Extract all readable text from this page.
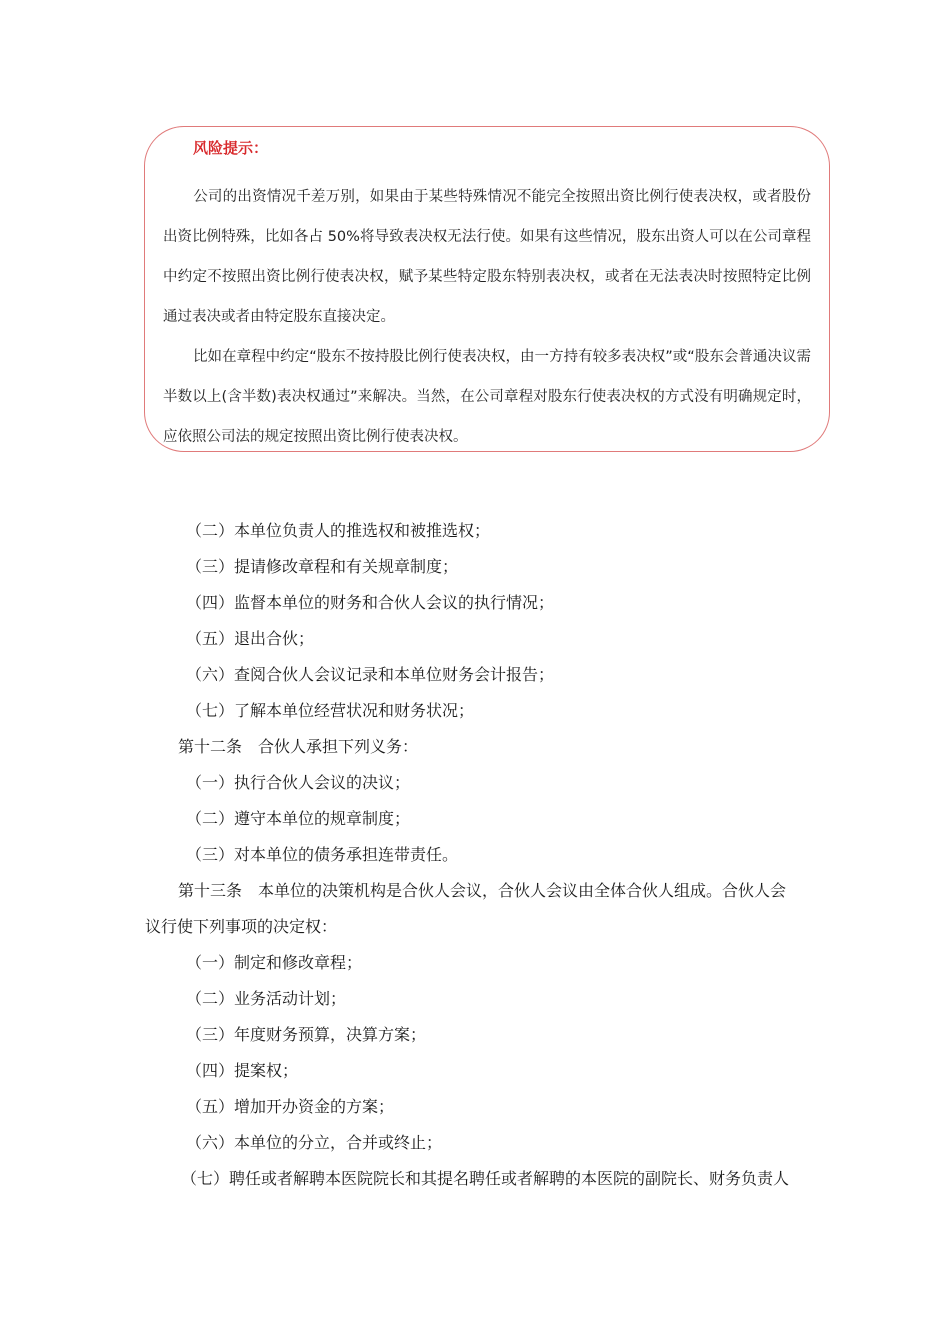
风险提示：

公司的出资情况千差万别，如果由于某些特殊情况不能完全按照出资比例行使表决权，或者股份出资比例特殊，比如各占 50%将导致表决权无法行使。如果有这些情况，股东出资人可以在公司章程中约定不按照出资比例行使表决权，赋予某些特定股东特别表决权，或者在无法表决时按照特定比例通过表决或者由特定股东直接决定。

比如在章程中约定“股东不按持股比例行使表决权，由一方持有较多表决权”或“股东会普通决议需半数以上(含半数)表决权通过”来解决。当然，在公司章程对股东行使表决权的方式没有明确规定时，应依照公司法的规定按照出资比例行使表决权。

（二）本单位负责人的推选权和被推选权；
（三）提请修改章程和有关规章制度；
（四）监督本单位的财务和合伙人会议的执行情况；
（五）退出合伙；
（六）查阅合伙人会议记录和本单位财务会计报告；
（七）了解本单位经营状况和财务状况；
第十二条　合伙人承担下列义务：
（一）执行合伙人会议的决议；
（二）遵守本单位的规章制度；
（三）对本单位的债务承担连带责任。
第十三条　本单位的决策机构是合伙人会议，合伙人会议由全体合伙人组成。合伙人会
议行使下列事项的决定权：
（一）制定和修改章程；
（二）业务活动计划；
（三）年度财务预算，决算方案；
（四）提案权；
（五）增加开办资金的方案；
（六）本单位的分立，合并或终止；
（七）聘任或者解聘本医院院长和其提名聘任或者解聘的本医院的副院长、财务负责人
